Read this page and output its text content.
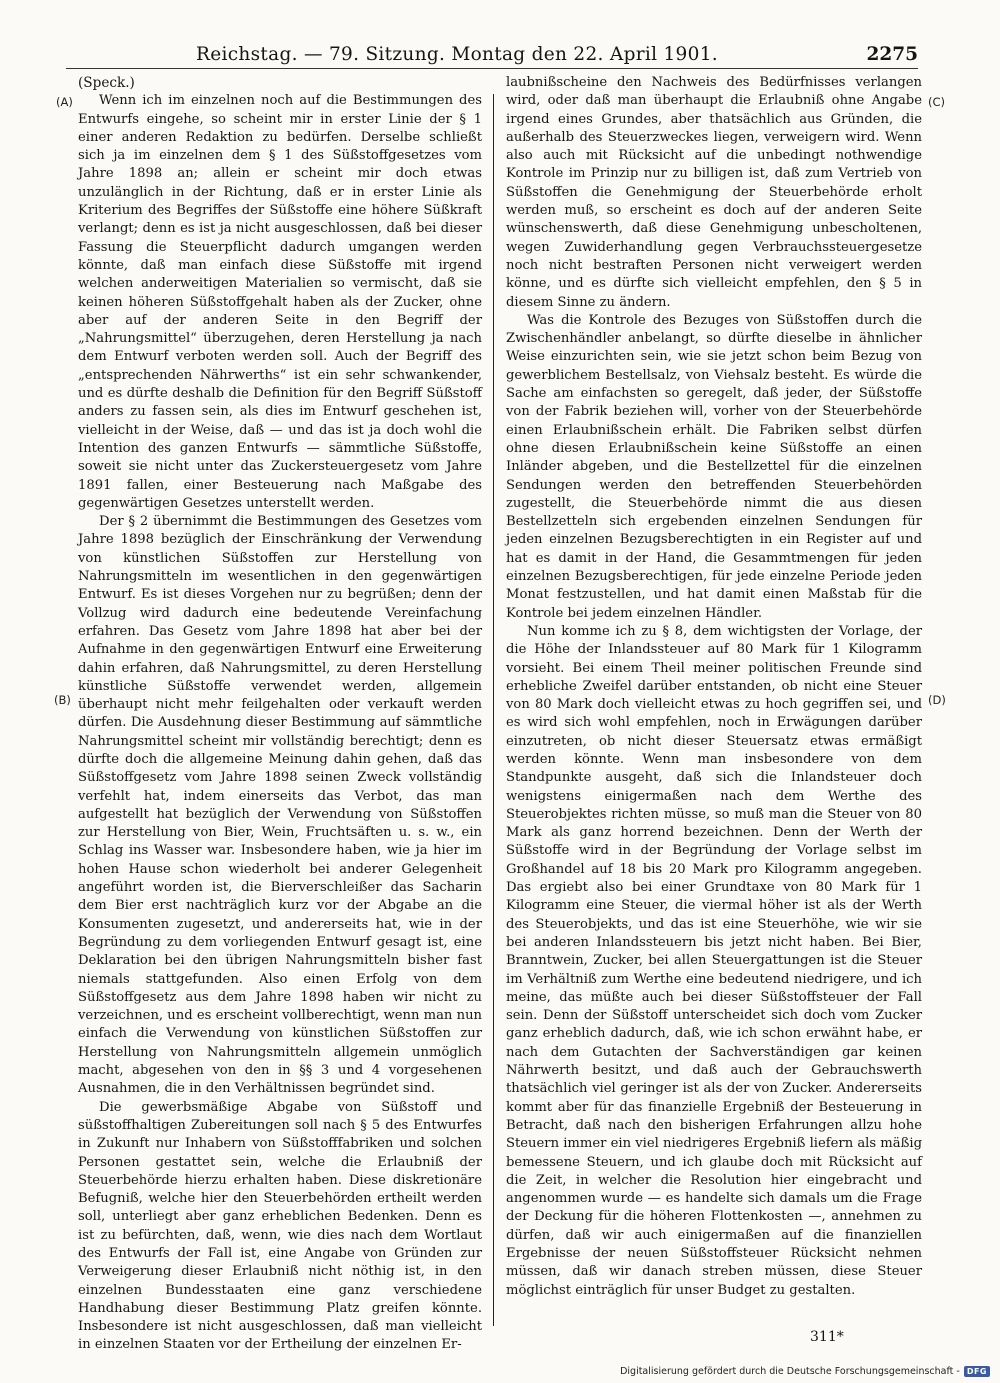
Reichstag. — 79. Sitzung. Montag den 22. April 1901.	2275
(A)
(B)
(C)
(D)

(Speck.)

Wenn ich im einzelnen noch auf die Bestimmungen des Entwurfs eingehe, so scheint mir in erster Linie der § 1 einer anderen Redaktion zu bedürfen. Derselbe schließt sich ja im einzelnen dem § 1 des Süßstoffgesetzes vom Jahre 1898 an; allein er scheint mir doch etwas unzulänglich in der Richtung, daß er in erster Linie als Kriterium des Begriffes der Süßstoffe eine höhere Süßkraft verlangt; denn es ist ja nicht ausgeschlossen, daß bei dieser Fassung die Steuerpflicht dadurch umgangen werden könnte, daß man einfach diese Süßstoffe mit irgend welchen anderweitigen Materialien so vermischt, daß sie keinen höheren Süßstoffgehalt haben als der Zucker, ohne aber auf der anderen Seite in den Begriff der „Nahrungsmittel“ überzugehen, deren Herstellung ja nach dem Entwurf verboten werden soll. Auch der Begriff des „entsprechenden Nährwerths“ ist ein sehr schwankender, und es dürfte deshalb die Definition für den Begriff Süßstoff anders zu fassen sein, als dies im Entwurf geschehen ist, vielleicht in der Weise, daß — und das ist ja doch wohl die Intention des ganzen Entwurfs — sämmtliche Süßstoffe, soweit sie nicht unter das Zuckersteuergesetz vom Jahre 1891 fallen, einer Besteuerung nach Maßgabe des gegenwärtigen Gesetzes unterstellt werden.

Der § 2 übernimmt die Bestimmungen des Gesetzes vom Jahre 1898 bezüglich der Einschränkung der Verwendung von künstlichen Süßstoffen zur Herstellung von Nahrungsmitteln im wesentlichen in den gegenwärtigen Entwurf. Es ist dieses Vorgehen nur zu begrüßen; denn der Vollzug wird dadurch eine bedeutende Vereinfachung erfahren. Das Gesetz vom Jahre 1898 hat aber bei der Aufnahme in den gegenwärtigen Entwurf eine Erweiterung dahin erfahren, daß Nahrungsmittel, zu deren Herstellung künstliche Süßstoffe verwendet werden, allgemein überhaupt nicht mehr feilgehalten oder verkauft werden dürfen. Die Ausdehnung dieser Bestimmung auf sämmtliche Nahrungsmittel scheint mir vollständig berechtigt; denn es dürfte doch die allgemeine Meinung dahin gehen, daß das Süßstoffgesetz vom Jahre 1898 seinen Zweck vollständig verfehlt hat, indem einerseits das Verbot, das man aufgestellt hat bezüglich der Verwendung von Süßstoffen zur Herstellung von Bier, Wein, Fruchtsäften u. s. w., ein Schlag ins Wasser war. Insbesondere haben, wie ja hier im hohen Hause schon wiederholt bei anderer Gelegenheit angeführt worden ist, die Bierverschleißer das Sacharin dem Bier erst nachträglich kurz vor der Abgabe an die Konsumenten zugesetzt, und andererseits hat, wie in der Begründung zu dem vorliegenden Entwurf gesagt ist, eine Deklaration bei den übrigen Nahrungsmitteln bisher fast niemals stattgefunden. Also einen Erfolg von dem Süßstoffgesetz aus dem Jahre 1898 haben wir nicht zu verzeichnen, und es erscheint vollberechtigt, wenn man nun einfach die Verwendung von künstlichen Süßstoffen zur Herstellung von Nahrungsmitteln allgemein unmöglich macht, abgesehen von den in §§ 3 und 4 vorgesehenen Ausnahmen, die in den Verhältnissen begründet sind.

Die gewerbsmäßige Abgabe von Süßstoff und süßstoffhaltigen Zubereitungen soll nach § 5 des Entwurfes in Zukunft nur Inhabern von Süßstofffabriken und solchen Personen gestattet sein, welche die Erlaubniß der Steuerbehörde hierzu erhalten haben. Diese diskretionäre Befugniß, welche hier den Steuerbehörden ertheilt werden soll, unterliegt aber ganz erheblichen Bedenken. Denn es ist zu befürchten, daß, wenn, wie dies nach dem Wortlaut des Entwurfs der Fall ist, eine Angabe von Gründen zur Verweigerung dieser Erlaubniß nicht nöthig ist, in den einzelnen Bundesstaaten eine ganz verschiedene Handhabung dieser Bestimmung Platz greifen könnte. Insbesondere ist nicht ausgeschlossen, daß man vielleicht in einzelnen Staaten vor der Ertheilung der einzelnen Er-

laubnißscheine den Nachweis des Bedürfnisses verlangen wird, oder daß man überhaupt die Erlaubniß ohne Angabe irgend eines Grundes, aber thatsächlich aus Gründen, die außerhalb des Steuerzweckes liegen, verweigern wird. Wenn also auch mit Rücksicht auf die unbedingt nothwendige Kontrole im Prinzip nur zu billigen ist, daß zum Vertrieb von Süßstoffen die Genehmigung der Steuerbehörde erholt werden muß, so erscheint es doch auf der anderen Seite wünschenswerth, daß diese Genehmigung unbescholtenen, wegen Zuwiderhandlung gegen Verbrauchssteuergesetze noch nicht bestraften Personen nicht verweigert werden könne, und es dürfte sich vielleicht empfehlen, den § 5 in diesem Sinne zu ändern.

Was die Kontrole des Bezuges von Süßstoffen durch die Zwischenhändler anbelangt, so dürfte dieselbe in ähnlicher Weise einzurichten sein, wie sie jetzt schon beim Bezug von gewerblichem Bestellsalz, von Viehsalz besteht. Es würde die Sache am einfachsten so geregelt, daß jeder, der Süßstoffe von der Fabrik beziehen will, vorher von der Steuerbehörde einen Erlaubnißschein erhält. Die Fabriken selbst dürfen ohne diesen Erlaubnißschein keine Süßstoffe an einen Inländer abgeben, und die Bestellzettel für die einzelnen Sendungen werden den betreffenden Steuerbehörden zugestellt, die Steuerbehörde nimmt die aus diesen Bestellzetteln sich ergebenden einzelnen Sendungen für jeden einzelnen Bezugsberechtigten in ein Register auf und hat es damit in der Hand, die Gesammtmengen für jeden einzelnen Bezugsberechtigen, für jede einzelne Periode jeden Monat festzustellen, und hat damit einen Maßstab für die Kontrole bei jedem einzelnen Händler.

Nun komme ich zu § 8, dem wichtigsten der Vorlage, der die Höhe der Inlandssteuer auf 80 Mark für 1 Kilogramm vorsieht. Bei einem Theil meiner politischen Freunde sind erhebliche Zweifel darüber entstanden, ob nicht eine Steuer von 80 Mark doch vielleicht etwas zu hoch gegriffen sei, und es wird sich wohl empfehlen, noch in Erwägungen darüber einzutreten, ob nicht dieser Steuersatz etwas ermäßigt werden könnte. Wenn man insbesondere von dem Standpunkte ausgeht, daß sich die Inlandsteuer doch wenigstens einigermaßen nach dem Werthe des Steuerobjektes richten müsse, so muß man die Steuer von 80 Mark als ganz horrend bezeichnen. Denn der Werth der Süßstoffe wird in der Begründung der Vorlage selbst im Großhandel auf 18 bis 20 Mark pro Kilogramm angegeben. Das ergiebt also bei einer Grundtaxe von 80 Mark für 1 Kilogramm eine Steuer, die viermal höher ist als der Werth des Steuerobjekts, und das ist eine Steuerhöhe, wie wir sie bei anderen Inlandssteuern bis jetzt nicht haben. Bei Bier, Branntwein, Zucker, bei allen Steuergattungen ist die Steuer im Verhältniß zum Werthe eine bedeutend niedrigere, und ich meine, das müßte auch bei dieser Süßstoffsteuer der Fall sein. Denn der Süßstoff unterscheidet sich doch vom Zucker ganz erheblich dadurch, daß, wie ich schon erwähnt habe, er nach dem Gutachten der Sachverständigen gar keinen Nährwerth besitzt, und daß auch der Gebrauchswerth thatsächlich viel geringer ist als der von Zucker. Andererseits kommt aber für das finanzielle Ergebniß der Besteuerung in Betracht, daß nach den bisherigen Erfahrungen allzu hohe Steuern immer ein viel niedrigeres Ergebniß liefern als mäßig bemessene Steuern, und ich glaube doch mit Rücksicht auf die Zeit, in welcher die Resolution hier eingebracht und angenommen wurde — es handelte sich damals um die Frage der Deckung für die höheren Flottenkosten —, annehmen zu dürfen, daß wir auch einigermaßen auf die finanziellen Ergebnisse der neuen Süßstoffsteuer Rücksicht nehmen müssen, daß wir danach streben müssen, diese Steuer möglichst einträglich für unser Budget zu gestalten.

311*
Digitalisierung gefördert durch die Deutsche Forschungsgemeinschaft - DFG
